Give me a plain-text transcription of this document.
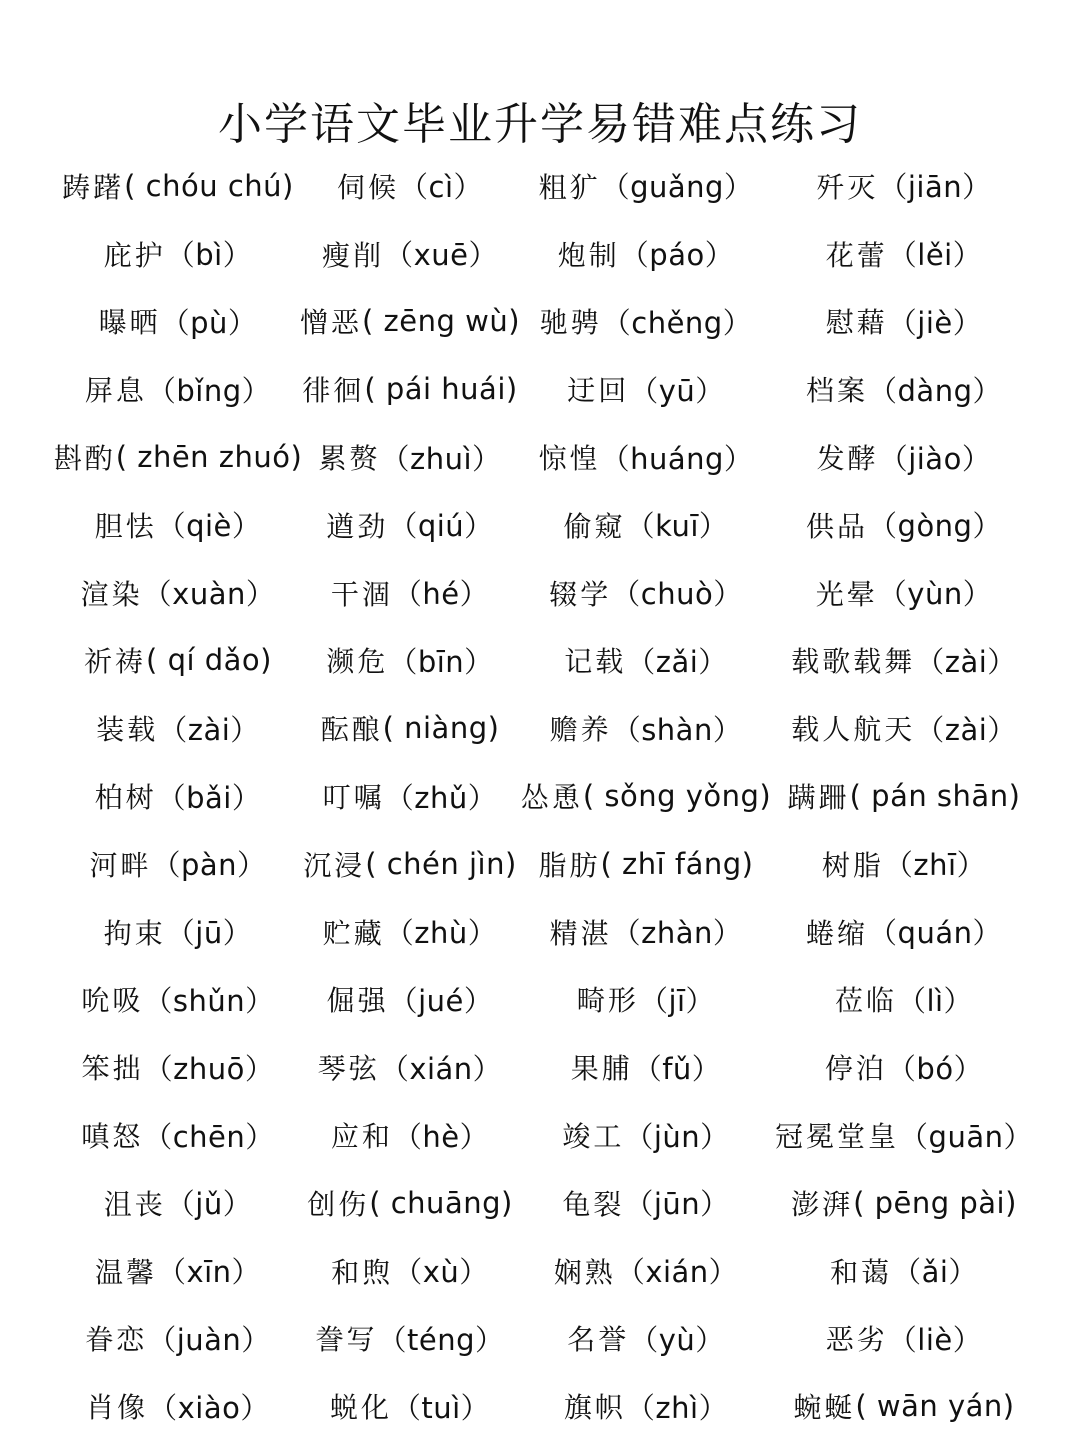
小学语文毕业升学易错难点练习
踌躇 ( chóu chú) 伺候 （cì） 粗犷 （guǎng） 歼灭 （jiān）
庇护 （bì） 瘦削 （xuē） 炮制 （páo）	花蕾 （lěi）
曝晒 （pù） 憎恶 ( zēng wù) 驰骋 （chěng）	慰藉 （jiè）
屏息 （bǐng） 徘徊 ( pái huái) 迂回 （yū）	档案 （dàng）
斟酌 ( zhēn zhuó) 累赘 （zhuì） 惊惶 （huáng） 发酵 （jiào）
胆怯 （qiè） 遒劲 （qiú） 偷窥 （kuī）	供品 （gòng）
渲染 （xuàn） 干涸 （hé） 辍学 （chuò）	光晕 （yùn）
祈祷 ( qí dǎo) 濒危 （bīn）	记载 （zǎi） 载歌载舞 （zài）
装载 （zài） 酝酿 ( niàng) 赡养 （shàn） 载人航天 （zài）
柏树 （bǎi） 叮嘱 （zhǔ） 怂恿 ( sǒng yǒng) 蹒跚 ( pán shān)
河畔 （pàn） 沉浸 ( chén jìn) 脂肪 ( zhī fáng) 树脂 （zhī）
拘束 （jū）	贮藏 （zhù） 精湛 （zhàn） 蜷缩 （quán）
吮吸 （shǔn） 倔强 （jué）	畸形 （jī）	莅临 （lì）
笨拙 （zhuō） 琴弦 （xián） 果脯 （fǔ）	停泊 （bó）
嗔怒 （chēn） 应和 （hè）	竣工 （jùn） 冠冕堂皇 （guān）
沮丧 （jǔ） 创伤 ( chuāng) 龟裂 （jūn） 澎湃 ( pēng pài)
温馨 （xīn）	和煦 （xù） 娴熟 （xián）	和蔼 （ǎi）
眷恋 （juàn） 誊写 （téng） 名誉 （yù）	恶劣 （liè）
肖像 （xiào） 蜕化 （tuì）	旗帜 （zhì） 蜿蜒 ( wān yán)
